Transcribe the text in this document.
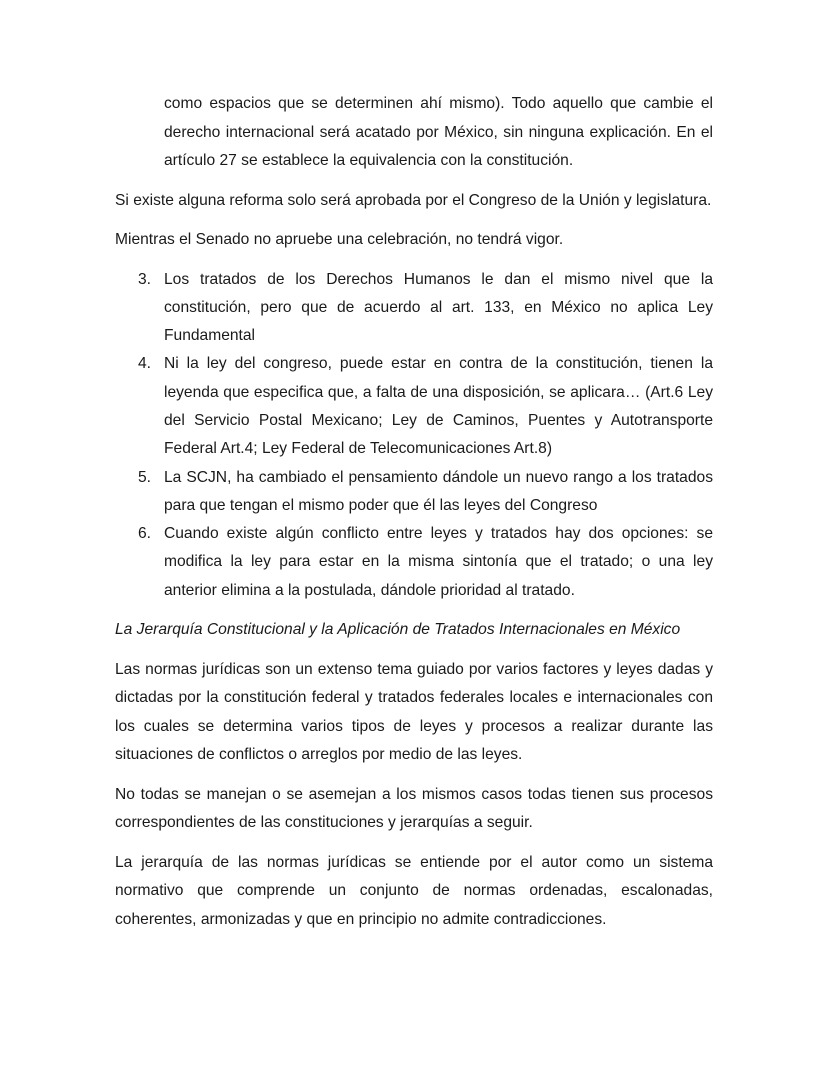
como espacios que se determinen ahí mismo). Todo aquello que cambie el derecho internacional será acatado por México, sin ninguna explicación. En el artículo 27 se establece la equivalencia con la constitución.

Si existe alguna reforma solo será aprobada por el Congreso de la Unión y legislatura.

Mientras el Senado no apruebe una celebración, no tendrá vigor.

3. Los tratados de los Derechos Humanos le dan el mismo nivel que la constitución, pero que de acuerdo al art. 133, en México no aplica Ley Fundamental
4. Ni la ley del congreso, puede estar en contra de la constitución, tienen la leyenda que especifica que, a falta de una disposición, se aplicara… (Art.6 Ley del Servicio Postal Mexicano; Ley de Caminos, Puentes y Autotransporte Federal Art.4; Ley Federal de Telecomunicaciones Art.8)
5. La SCJN, ha cambiado el pensamiento dándole un nuevo rango a los tratados para que tengan el mismo poder que él las leyes del Congreso
6. Cuando existe algún conflicto entre leyes y tratados hay dos opciones: se modifica la ley para estar en la misma sintonía que el tratado; o una ley anterior elimina a la postulada, dándole prioridad al tratado.

La Jerarquía Constitucional y la Aplicación de Tratados Internacionales en México

Las normas jurídicas son un extenso tema guiado por varios factores y leyes dadas y dictadas por la constitución federal y tratados federales locales e internacionales con los cuales se determina varios tipos de leyes y procesos a realizar durante las situaciones de conflictos o arreglos por medio de las leyes.

No todas se manejan o se asemejan a los mismos casos todas tienen sus procesos correspondientes de las constituciones y jerarquías a seguir.

La jerarquía de las normas jurídicas se entiende por el autor como un sistema normativo que comprende un conjunto de normas ordenadas, escalonadas, coherentes, armonizadas y que en principio no admite contradicciones.
